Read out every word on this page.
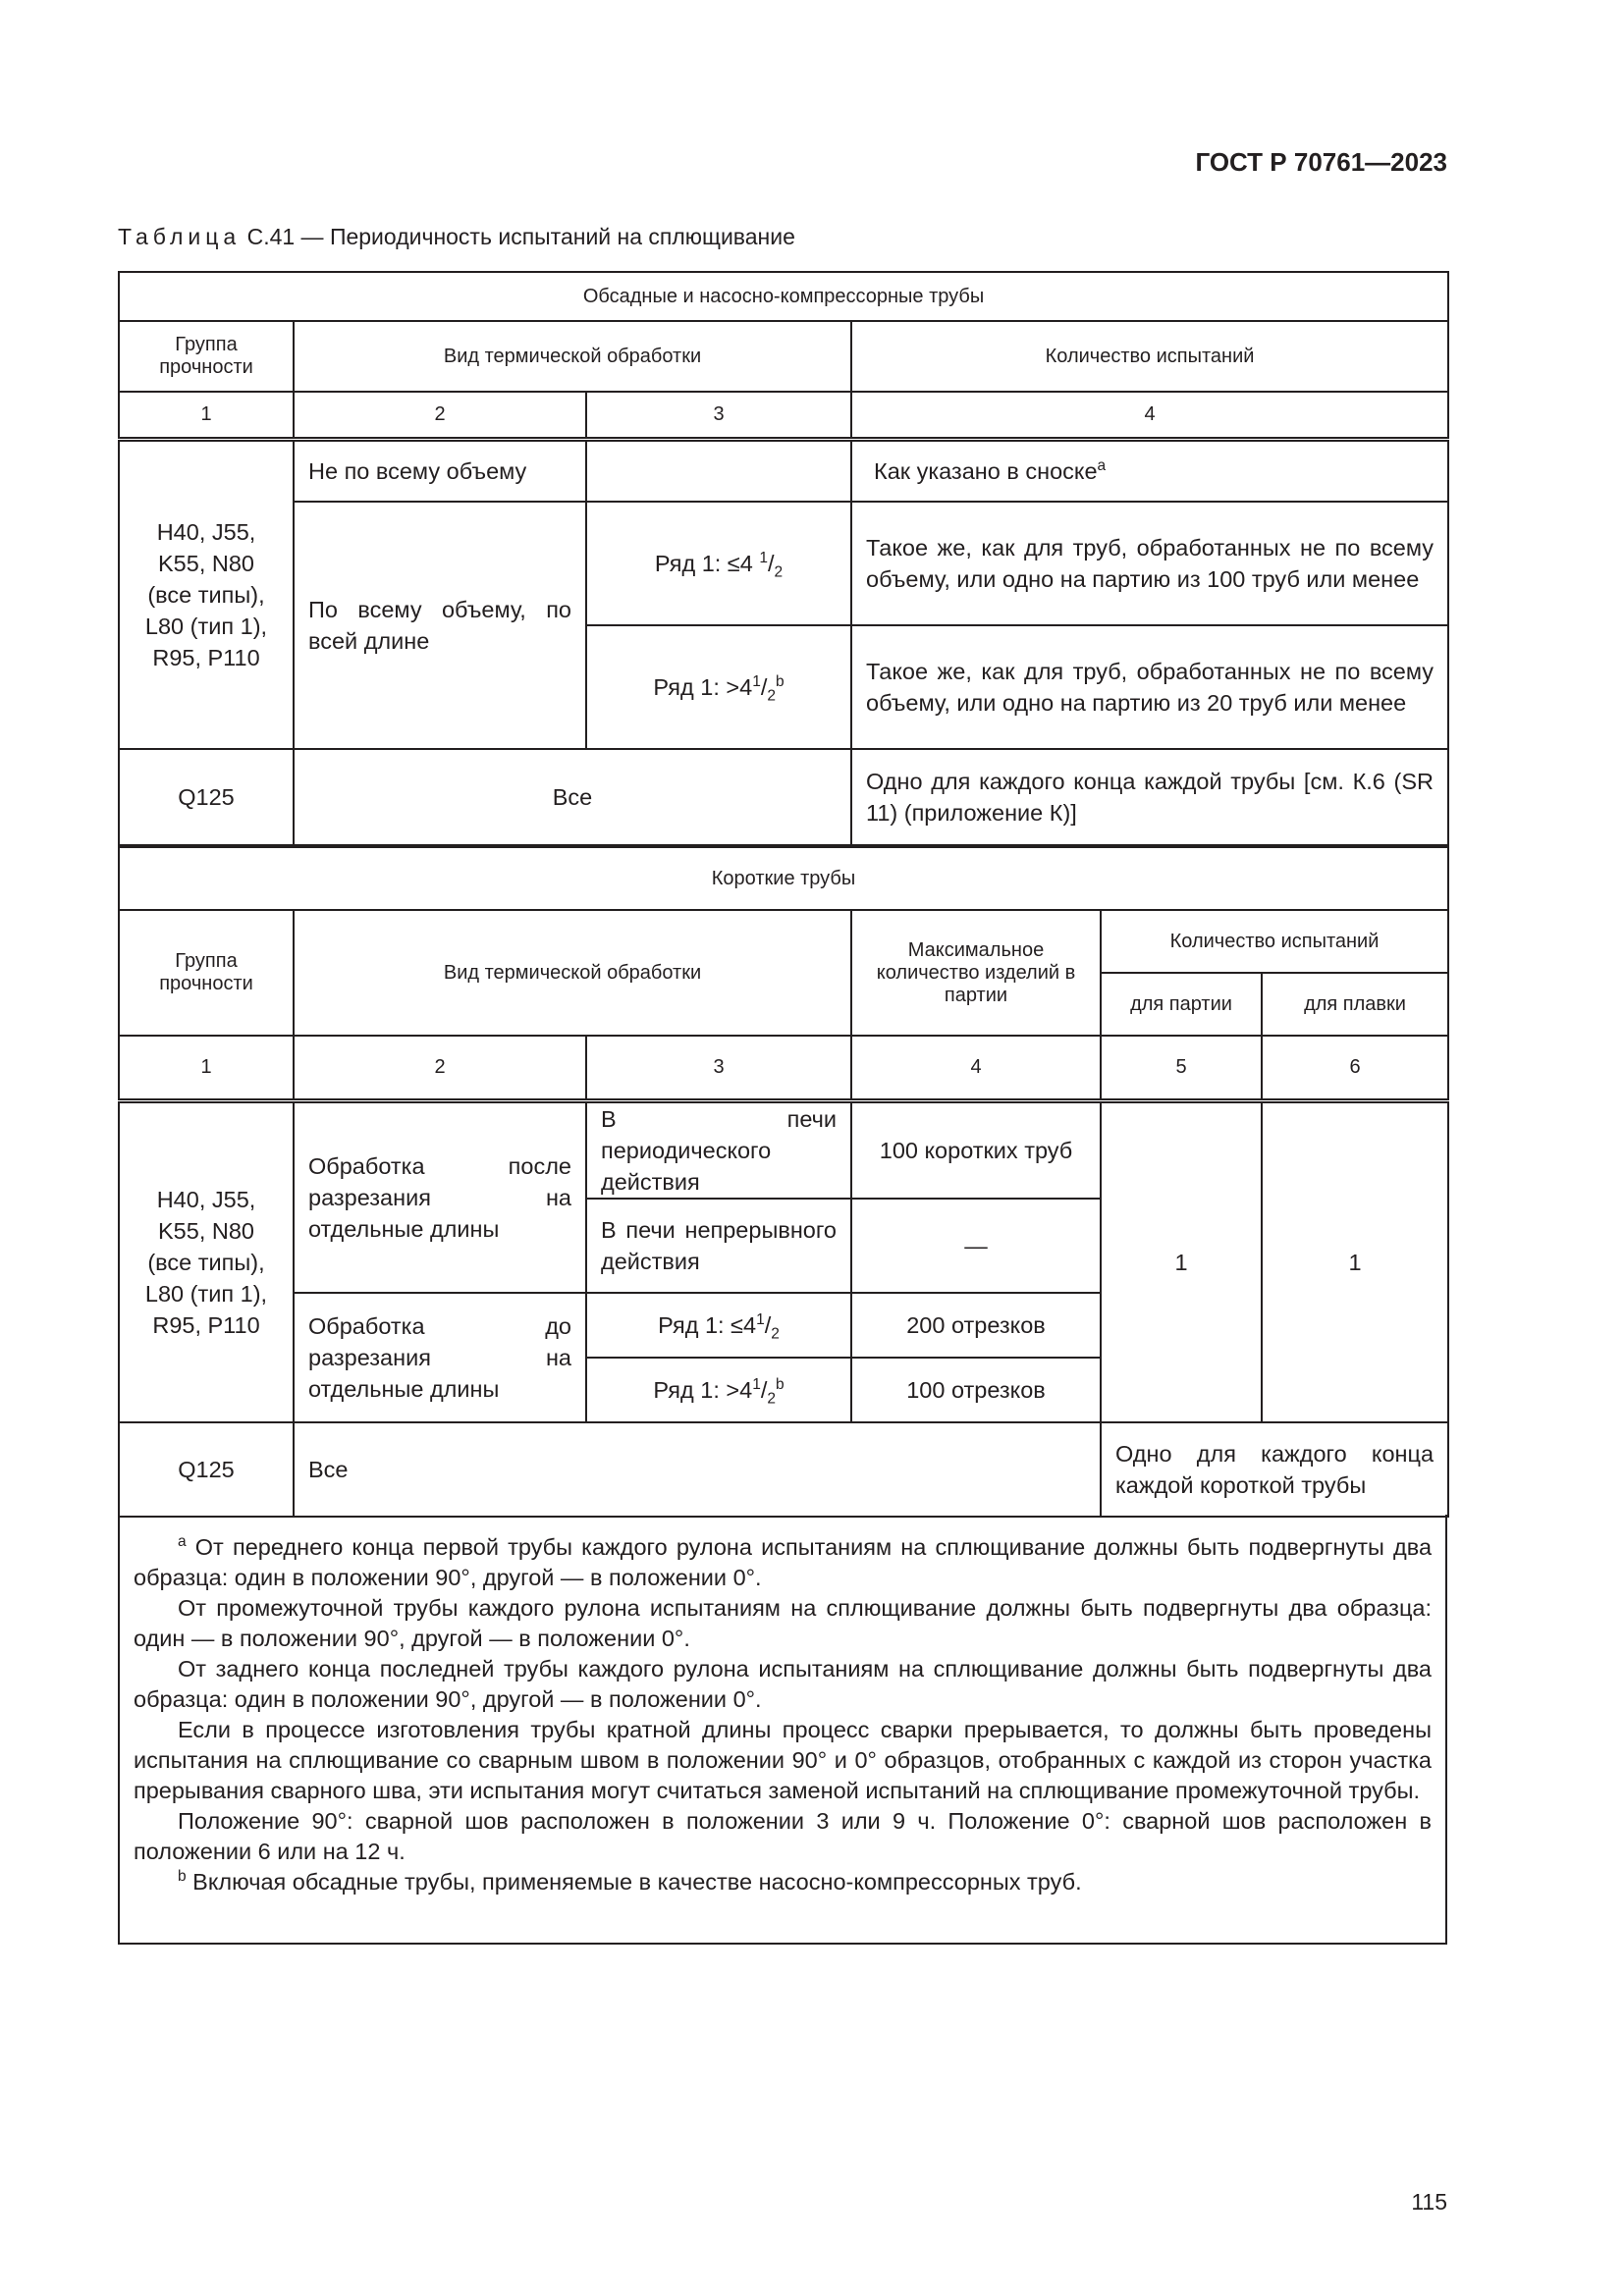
ГОСТ Р 70761—2023
Таблица С.41 — Периодичность испытаний на сплющивание
Обсадные и насосно-компрессорные трубы			
Группа прочности	Вид термической обработки		Количество испытаний
1	2	3	4
H40, J55, K55, N80 (все типы), L80 (тип 1), R95, P110	Не по всему объему		Как указано в сноске$^a$
	По всему объему, по всей длине	Ряд 1: ≤4 $^1/_2$	Такое же, как для труб, обработанных не по всему объему, или одно на партию из 100 труб или менее
		Ряд 1: $>4^1/_2^b$	Такое же, как для труб, обработанных не по всему объему, или одно на партию из 20 труб или менее
Q125	Все		Одно для каждого конца каждой трубы [см. К.6 (SR 11) (приложение К)]
Короткие трубы					
Группа прочности	Вид термической обработки		Максимальное количество изделий в партии	Количество испытаний	
				для партии	для плавки
1	2	3	4	5	6
H40, J55, K55, N80 (все типы), L80 (тип 1), R95, P110	Обработка после разрезания на отдельные длины	В печи периодического действия	100 коротких труб	1	1
		В печи непрерывного действия	—		
	Обработка до разрезания на отдельные длины	Ряд 1: $\le 4^1/_2$	200 отрезков		
		Ряд 1: $>4^1/_2^b$	100 отрезков		
Q125	Все			Одно для каждого конца каждой короткой трубы	

$^a$ От переднего конца первой трубы каждого рулона испытаниям на сплющивание должны быть подвергнуты два образца: один в положении 90°, другой — в положении 0°.

От промежуточной трубы каждого рулона испытаниям на сплющивание должны быть подвергнуты два образца: один — в положении 90°, другой — в положении 0°.

От заднего конца последней трубы каждого рулона испытаниям на сплющивание должны быть подвергнуты два образца: один в положении 90°, другой — в положении 0°.

Если в процессе изготовления трубы кратной длины процесс сварки прерывается, то должны быть проведены испытания на сплющивание со сварным швом в положении 90° и 0° образцов, отобранных с каждой из сторон участка прерывания сварного шва, эти испытания могут считаться заменой испытаний на сплющивание промежуточной трубы.

Положение 90°: сварной шов расположен в положении 3 или 9 ч. Положение 0°: сварной шов расположен в положении 6 или на 12 ч.

$^b$ Включая обсадные трубы, применяемые в качестве насосно-компрессорных труб.

115
